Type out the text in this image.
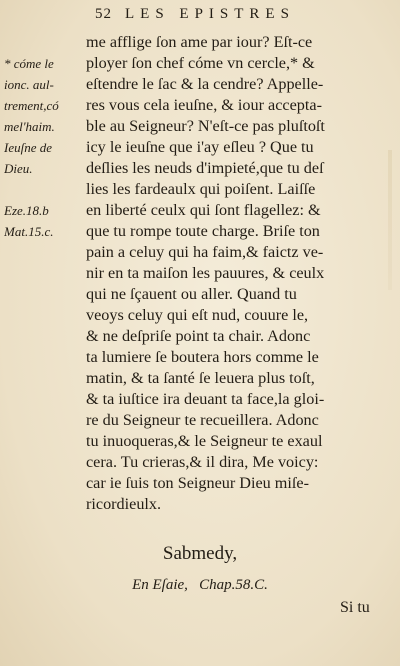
52 LES EPISTRES
me afflige ſon ame par iour? Eſt-ce
ployer ſon chef cóme vn cercle,* &
eſtendre le ſac & la cendre? Appelle-
res vous cela ieuſne, & iour accepta-
ble au Seigneur? N'eſt-ce pas pluſtoſt
icy le ieuſne que i'ay eſleu ? Que tu
deſlies les neuds d'impieté,que tu deſ
lies les fardeaulx qui poiſent. Laiſſe
en liberté ceulx qui ſont flagellez: &
que tu rompe toute charge. Briſe ton
pain a celuy qui ha faim,& faictz ve-
nir en ta maiſon les pauures, & ceulx
qui ne ſçauent ou aller. Quand tu
veoys celuy qui eſt nud, couure le,
& ne deſpriſe point ta chair. Adonc
ta lumiere ſe boutera hors comme le
matin, & ta ſanté ſe leuera plus toſt,
& ta iuſtice ira deuant ta face,la gloi-
re du Seigneur te recueillera. Adonc
tu inuoqueras,& le Seigneur te exaul
cera. Tu crieras,& il dira, Me voicy:
car ie ſuis ton Seigneur Dieu miſe-
ricordieulx.
* cóme le
ionc. aul-
trement,có
mel'haim.
Ieuſne de
Dieu.
Eze.18.b
Mat.15.c.
Sabmedy,
En Eſaie,   Chap.58.C.
Si tu
